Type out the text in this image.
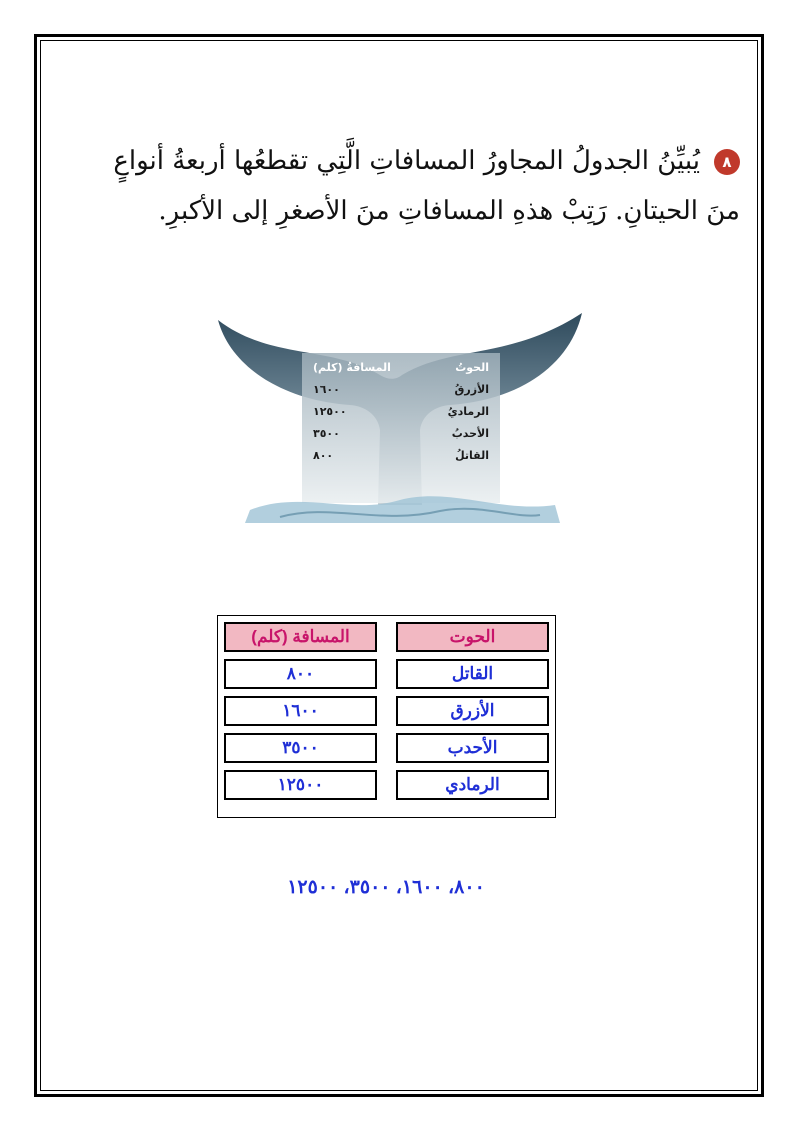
٨يُبيِّنُ الجدولُ المجاورُ المسافاتِ الَّتِي تقطعُها أربعةُ أنواعٍ
منَ الحيتانِ. رَتِبْ هذهِ المسافاتِ منَ الأصغرِ إلى الأكبرِ.
الحوتُ
المسافةُ (كلم)
الأزرقُ
١٦٠٠
الرماديُ
١٢٥٠٠
الأحدبُ
٣٥٠٠
القاتلُ
٨٠٠
الحوت
المسافة (كلم)
القاتل
٨٠٠
الأزرق
١٦٠٠
الأحدب
٣٥٠٠
الرمادي
١٢٥٠٠
٨٠٠، ١٦٠٠، ٣٥٠٠، ١٢٥٠٠
